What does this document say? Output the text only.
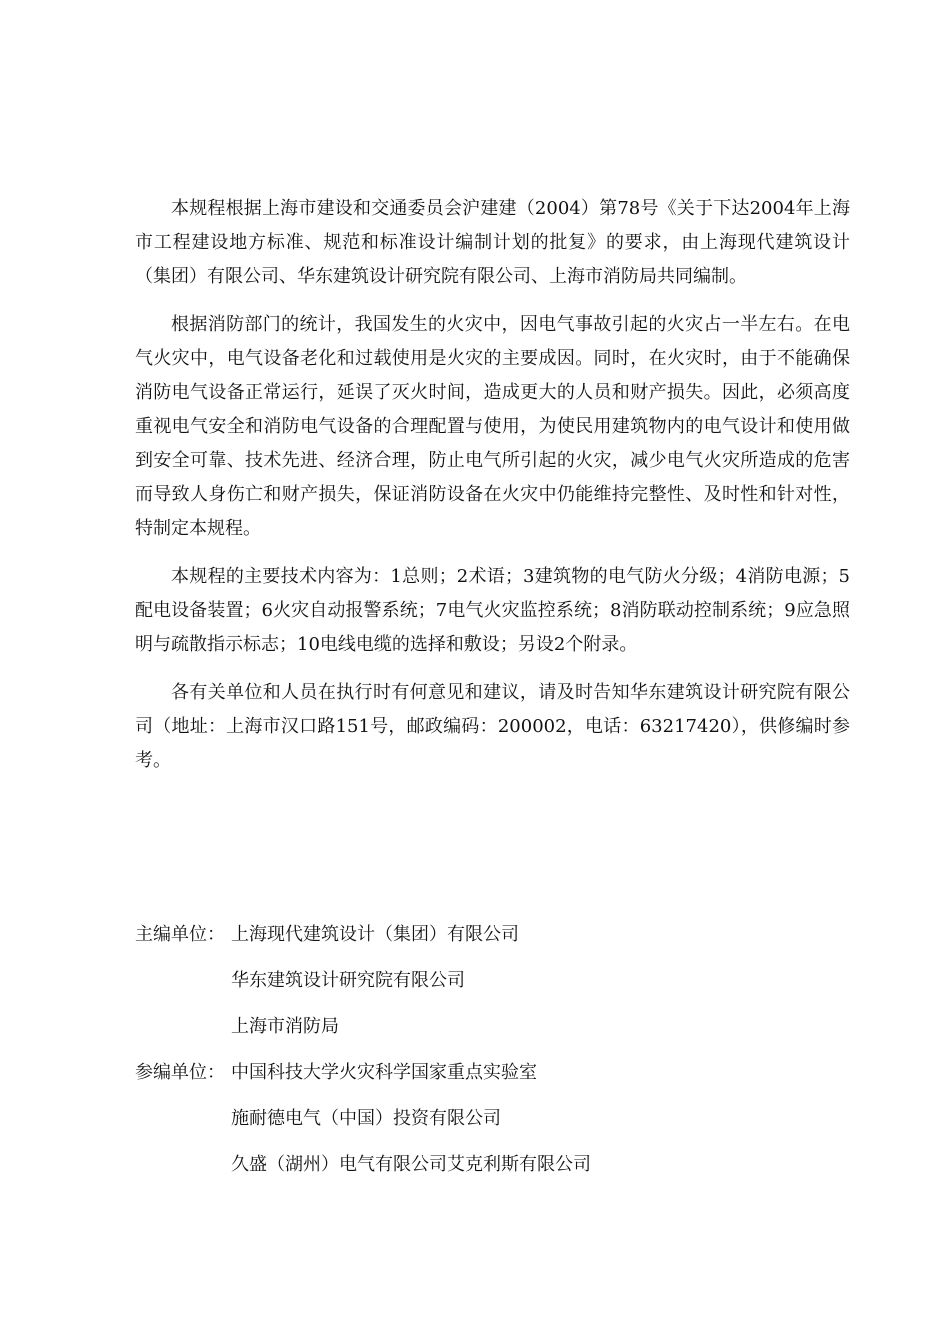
本规程根据上海市建设和交通委员会沪建建（2004）第78号《关于下达2004年上海市工程建设地方标准、规范和标准设计编制计划的批复》的要求，由上海现代建筑设计（集团）有限公司、华东建筑设计研究院有限公司、上海市消防局共同编制。

根据消防部门的统计，我国发生的火灾中，因电气事故引起的火灾占一半左右。在电气火灾中，电气设备老化和过载使用是火灾的主要成因。同时，在火灾时，由于不能确保消防电气设备正常运行，延误了灭火时间，造成更大的人员和财产损失。因此，必须高度重视电气安全和消防电气设备的合理配置与使用，为使民用建筑物内的电气设计和使用做到安全可靠、技术先进、经济合理，防止电气所引起的火灾，减少电气火灾所造成的危害而导致人身伤亡和财产损失，保证消防设备在火灾中仍能维持完整性、及时性和针对性，特制定本规程。

本规程的主要技术内容为：1总则；2术语；3建筑物的电气防火分级；4消防电源；5配电设备装置；6火灾自动报警系统；7电气火灾监控系统；8消防联动控制系统；9应急照明与疏散指示标志；10电线电缆的选择和敷设；另设2个附录。

各有关单位和人员在执行时有何意见和建议，请及时告知华东建筑设计研究院有限公司（地址：上海市汉口路151号，邮政编码：200002，电话：63217420），供修编时参考。

主编单位： 上海现代建筑设计（集团）有限公司
华东建筑设计研究院有限公司
上海市消防局
参编单位： 中国科技大学火灾科学国家重点实验室
施耐德电气（中国）投资有限公司
久盛（湖州）电气有限公司艾克利斯有限公司
